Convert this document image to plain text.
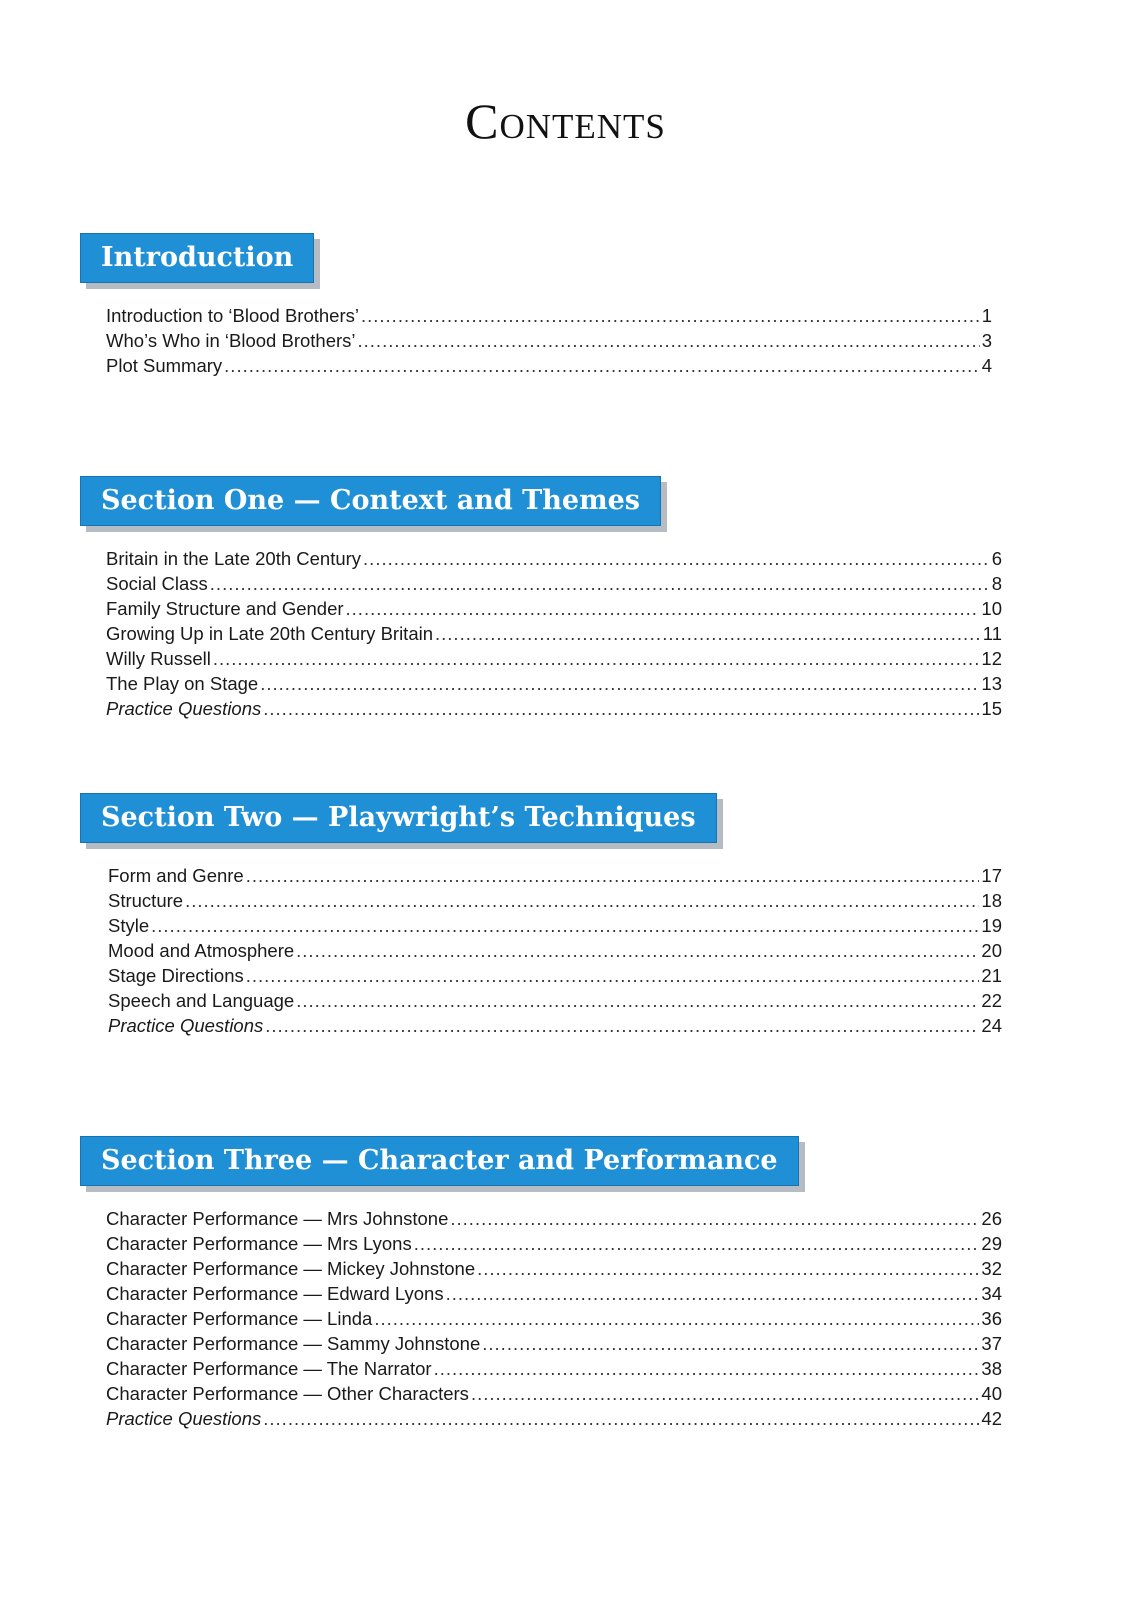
Contents
Introduction
Introduction to ‘Blood Brothers’ .....	1
Who’s Who in ‘Blood Brothers’ .....	3
Plot Summary .....	4
Section One — Context and Themes
Britain in the Late 20th Century .....	6
Social Class .....	8
Family Structure and Gender .....	10
Growing Up in Late 20th Century Britain .....	11
Willy Russell .....	12
The Play on Stage .....	13
Practice Questions .....	15
Section Two — Playwright’s Techniques
Form and Genre .....	17
Structure .....	18
Style .....	19
Mood and Atmosphere .....	20
Stage Directions .....	21
Speech and Language .....	22
Practice Questions .....	24
Section Three — Character and Performance
Character Performance — Mrs Johnstone .....	26
Character Performance — Mrs Lyons .....	29
Character Performance — Mickey Johnstone .....	32
Character Performance — Edward Lyons .....	34
Character Performance — Linda .....	36
Character Performance — Sammy Johnstone .....	37
Character Performance — The Narrator .....	38
Character Performance — Other Characters .....	40
Practice Questions .....	42
